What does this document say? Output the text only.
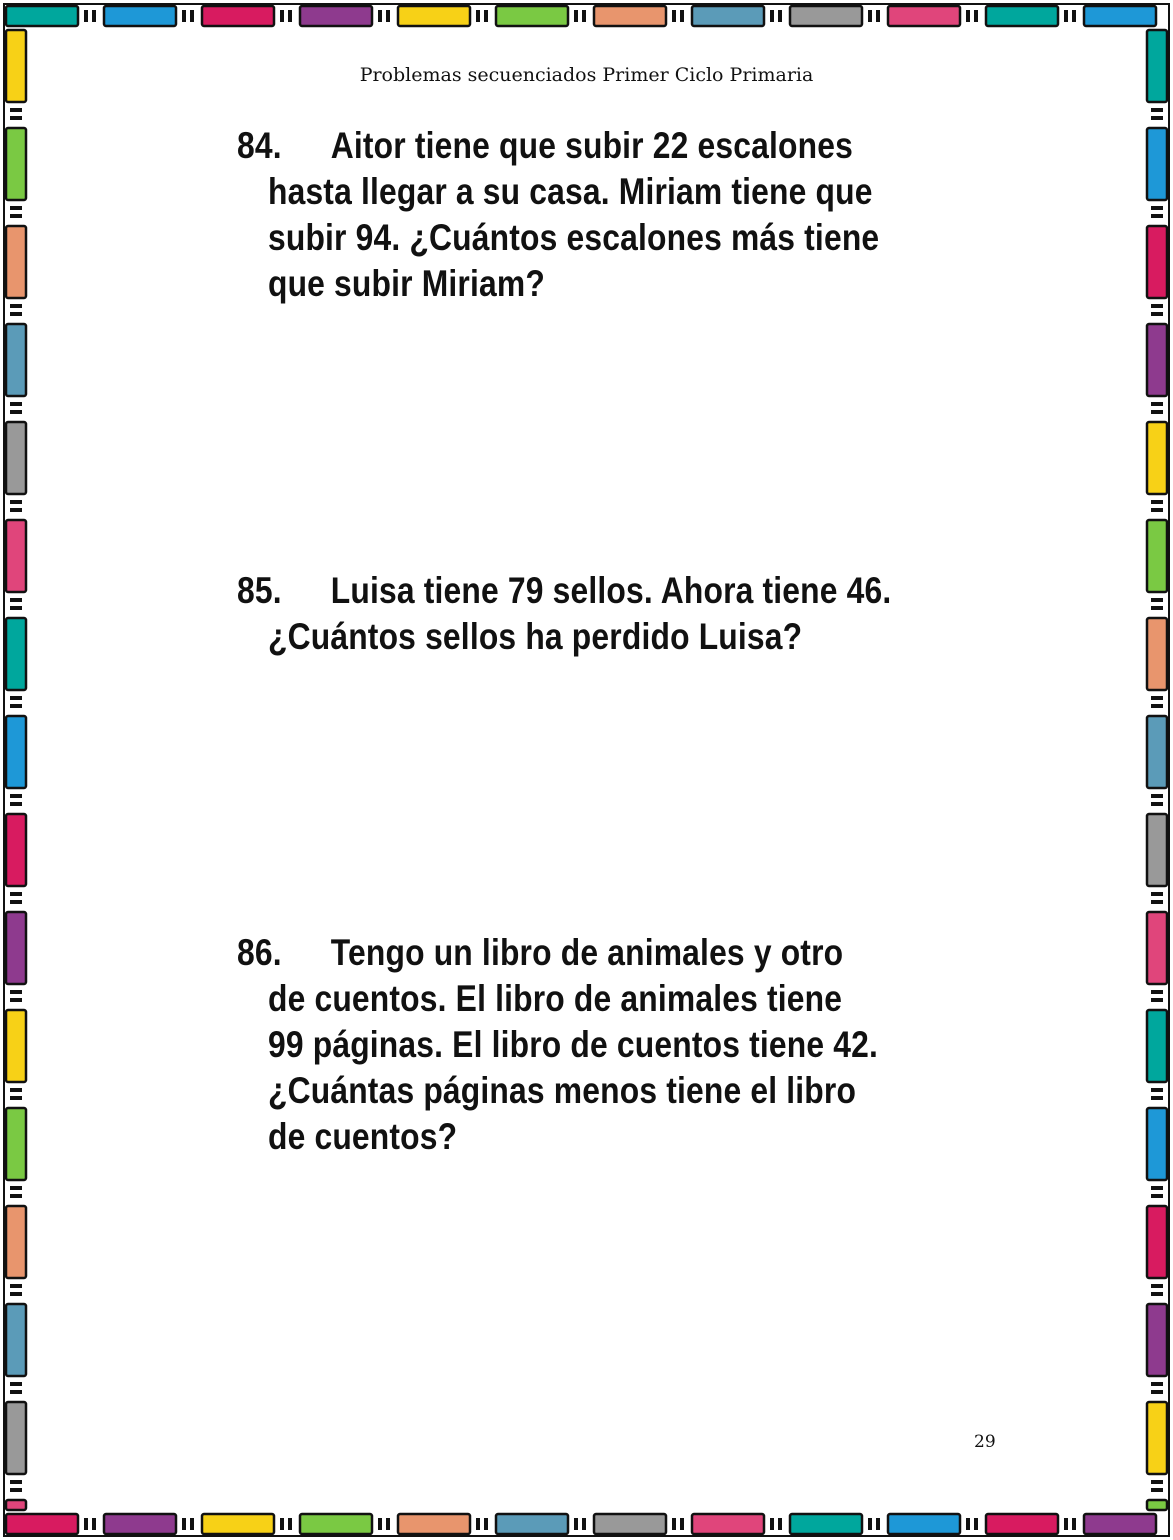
Problemas secuenciados Primer Ciclo Primaria
84. Aitor tiene que subir 22 escalones
hasta llegar a su casa. Miriam tiene que
subir 94. ¿Cuántos escalones más tiene
que subir Miriam?
85. Luisa tiene 79 sellos. Ahora tiene 46.
¿Cuántos sellos ha perdido Luisa?
86. Tengo un libro de animales y otro
de cuentos. El libro de animales tiene
99 páginas. El libro de cuentos tiene 42.
¿Cuántas páginas menos tiene el libro
de cuentos?
29
